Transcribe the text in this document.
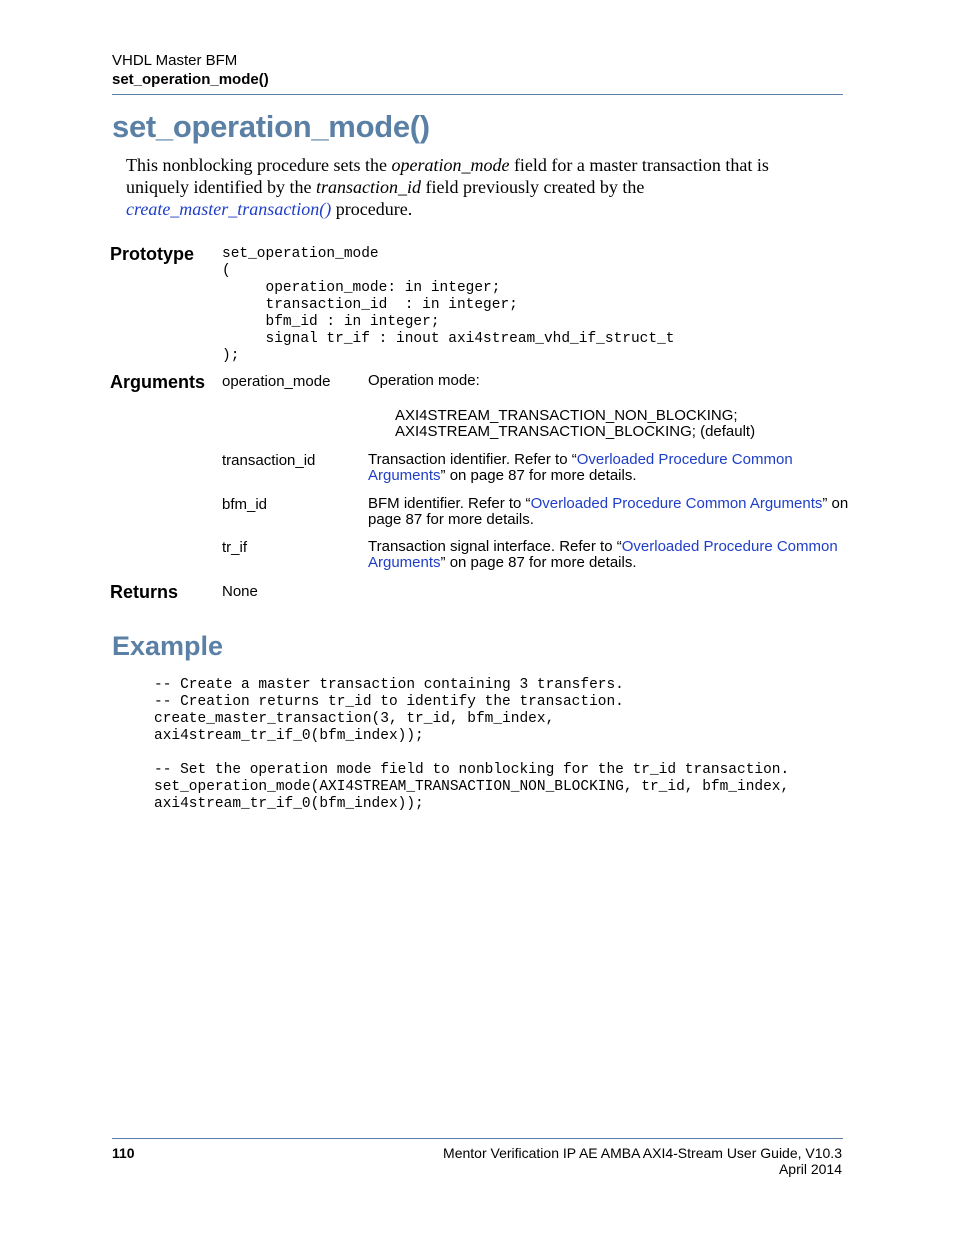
VHDL Master BFM
set_operation_mode()
set_operation_mode()
This nonblocking procedure sets the operation_mode field for a master transaction that is uniquely identified by the transaction_id field previously created by the
create_master_transaction() procedure.
Prototype set_operation_mode
(
operation_mode: in integer;
transaction_id  : in integer;
bfm_id : in integer;
signal tr_if : inout axi4stream_vhd_if_struct_t
);
Arguments operation_mode	Operation mode:
AXI4STREAM_TRANSACTION_NON_BLOCKING;
AXI4STREAM_TRANSACTION_BLOCKING; (default)
transaction_id	Transaction identifier. Refer to “Overloaded Procedure Common Arguments” on page 87 for more details.
bfm_id	BFM identifier. Refer to “Overloaded Procedure Common Arguments” on page 87 for more details.
tr_if	Transaction signal interface. Refer to “Overloaded Procedure Common Arguments” on page 87 for more details.
Returns	None
Example
-- Create a master transaction containing 3 transfers.
-- Creation returns tr_id to identify the transaction.
create_master_transaction(3, tr_id, bfm_index,
axi4stream_tr_if_0(bfm_index));

-- Set the operation mode field to nonblocking for the tr_id transaction.
set_operation_mode(AXI4STREAM_TRANSACTION_NON_BLOCKING, tr_id, bfm_index,
axi4stream_tr_if_0(bfm_index));
110	Mentor Verification IP AE AMBA AXI4-Stream User Guide, V10.3
April 2014
